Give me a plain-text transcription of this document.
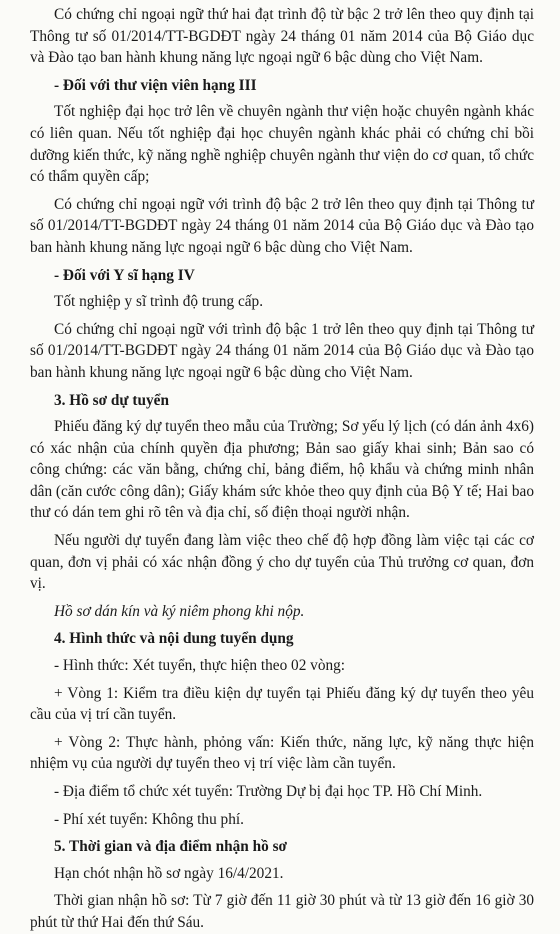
Có chứng chỉ ngoại ngữ thứ hai đạt trình độ từ bậc 2 trở lên theo quy định tại Thông tư số 01/2014/TT-BGDĐT ngày 24 tháng 01 năm 2014 của Bộ Giáo dục và Đào tạo ban hành khung năng lực ngoại ngữ 6 bậc dùng cho Việt Nam.

- Đối với thư viện viên hạng III

Tốt nghiệp đại học trở lên về chuyên ngành thư viện hoặc chuyên ngành khác có liên quan. Nếu tốt nghiệp đại học chuyên ngành khác phải có chứng chỉ bồi dưỡng kiến thức, kỹ năng nghề nghiệp chuyên ngành thư viện do cơ quan, tổ chức có thẩm quyền cấp;

Có chứng chỉ ngoại ngữ với trình độ bậc 2 trở lên theo quy định tại Thông tư số 01/2014/TT-BGDĐT ngày 24 tháng 01 năm 2014 của Bộ Giáo dục và Đào tạo ban hành khung năng lực ngoại ngữ 6 bậc dùng cho Việt Nam.

- Đối với Y sĩ hạng IV

Tốt nghiệp y sĩ trình độ trung cấp.

Có chứng chỉ ngoại ngữ với trình độ bậc 1 trở lên theo quy định tại Thông tư số 01/2014/TT-BGDĐT ngày 24 tháng 01 năm 2014 của Bộ Giáo dục và Đào tạo ban hành khung năng lực ngoại ngữ 6 bậc dùng cho Việt Nam.

3. Hồ sơ dự tuyển

Phiếu đăng ký dự tuyển theo mẫu của Trường; Sơ yếu lý lịch (có dán ảnh 4x6) có xác nhận của chính quyền địa phương; Bản sao giấy khai sinh; Bản sao có công chứng: các văn bằng, chứng chỉ, bảng điểm, hộ khẩu và chứng minh nhân dân (căn cước công dân); Giấy khám sức khỏe theo quy định của Bộ Y tế; Hai bao thư có dán tem ghi rõ tên và địa chỉ, số điện thoại người nhận.

Nếu người dự tuyển đang làm việc theo chế độ hợp đồng làm việc tại các cơ quan, đơn vị phải có xác nhận đồng ý cho dự tuyển của Thủ trưởng cơ quan, đơn vị.

Hồ sơ dán kín và ký niêm phong khi nộp.

4. Hình thức và nội dung tuyển dụng

- Hình thức: Xét tuyển, thực hiện theo 02 vòng:

+ Vòng 1: Kiểm tra điều kiện dự tuyển tại Phiếu đăng ký dự tuyển theo yêu cầu của vị trí cần tuyển.

+ Vòng 2: Thực hành, phỏng vấn: Kiến thức, năng lực, kỹ năng thực hiện nhiệm vụ của người dự tuyển theo vị trí việc làm cần tuyển.

- Địa điểm tổ chức xét tuyển: Trường Dự bị đại học TP. Hồ Chí Minh.

- Phí xét tuyển: Không thu phí.

5. Thời gian và địa điểm nhận hồ sơ

Hạn chót nhận hồ sơ ngày 16/4/2021.

Thời gian nhận hồ sơ: Từ 7 giờ đến 11 giờ 30 phút và từ 13 giờ đến 16 giờ 30 phút từ thứ Hai đến thứ Sáu.
